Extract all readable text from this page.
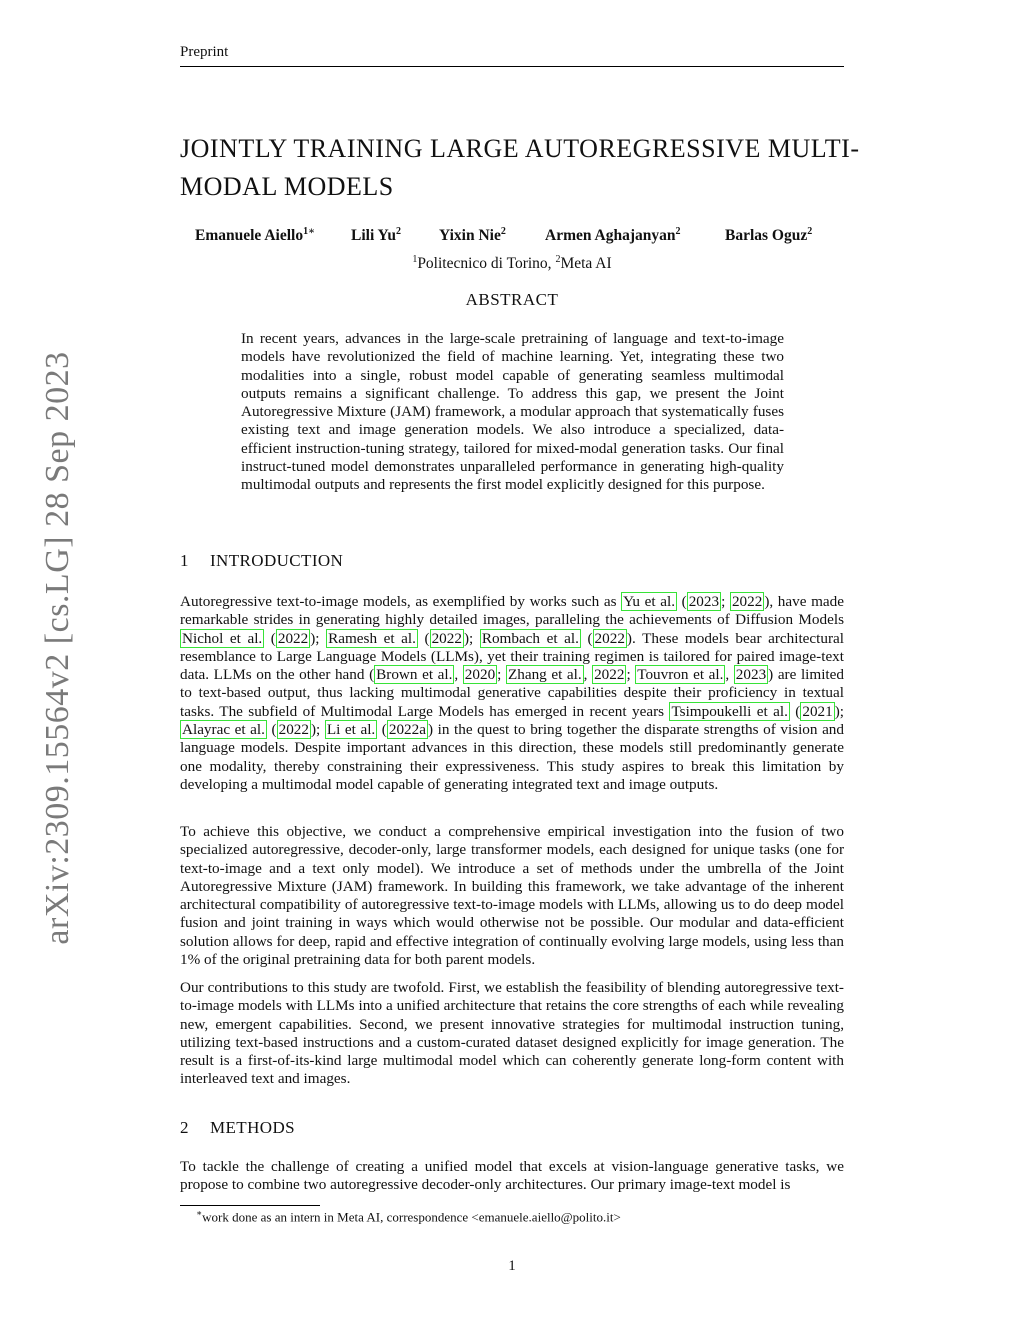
arXiv:2309.15564v2 [cs.LG] 28 Sep 2023
Preprint
JOINTLY TRAINING LARGE AUTOREGRESSIVE MULTI-
MODAL MODELS
Emanuele Aiello$^{1∗}$ Lili Yu$^2$ Yixin Nie$^2$	Armen Aghajanyan$^2$	Barlas Oguz$^2$
$^1$Politecnico di Torino, $^2$Meta AI
ABSTRACT

In recent years, advances in the large-scale pretraining of language and text-to-image models have revolutionized the field of machine learning. Yet, integrating these two modalities into a single, robust model capable of generating seamless multimodal outputs remains a significant challenge. To address this gap, we present the Joint Autoregressive Mixture (JAM) framework, a modular approach that systematically fuses existing text and image generation models. We also introduce a specialized, data-efficient instruction-tuning strategy, tailored for mixed-modal generation tasks. Our final instruct-tuned model demonstrates unparalleled performance in generating high-quality multimodal outputs and represents the first model explicitly designed for this purpose.

1 INTRODUCTION

Autoregressive text-to-image models, as exemplified by works such as Yu et al. ( 2023 ; 2022 ), have made remarkable strides in generating highly detailed images, paralleling the achievements of Diffusion Models Nichol et al. ( 2022 ); Ramesh et al. ( 2022 ); Rombach et al. ( 2022 ). These models bear architectural resemblance to Large Language Models (LLMs), yet their training regimen is tailored for paired image-text data. LLMs on the other hand ( Brown et al. , 2020 ; Zhang et al. , 2022 ; Touvron et al. , 2023 ) are limited to text-based output, thus lacking multimodal generative capabilities despite their proficiency in textual tasks. The subfield of Multimodal Large Models has emerged in recent years Tsimpoukelli et al. ( 2021 ); Alayrac et al. ( 2022 ); Li et al. ( 2022a ) in the quest to bring together the disparate strengths of vision and language models. Despite important advances in this direction, these models still predominantly generate one modality, thereby constraining their expressiveness. This study aspires to break this limitation by developing a multimodal model capable of generating integrated text and image outputs.

To achieve this objective, we conduct a comprehensive empirical investigation into the fusion of two specialized autoregressive, decoder-only, large transformer models, each designed for unique tasks (one for text-to-image and a text only model). We introduce a set of methods under the umbrella of the Joint Autoregressive Mixture (JAM) framework. In building this framework, we take advantage of the inherent architectural compatibility of autoregressive text-to-image models with LLMs, allowing us to do deep model fusion and joint training in ways which would otherwise not be possible. Our modular and data-efficient solution allows for deep, rapid and effective integration of continually evolving large models, using less than 1% of the original pretraining data for both parent models.

Our contributions to this study are twofold. First, we establish the feasibility of blending autoregressive text-to-image models with LLMs into a unified architecture that retains the core strengths of each while revealing new, emergent capabilities. Second, we present innovative strategies for multimodal instruction tuning, utilizing text-based instructions and a custom-curated dataset designed explicitly for image generation. The result is a first-of-its-kind large multimodal model which can coherently generate long-form content with interleaved text and images.

2 METHODS

To tackle the challenge of creating a unified model that excels at vision-language generative tasks, we propose to combine two autoregressive decoder-only architectures. Our primary image-text model is

∗work done as an intern in Meta AI, correspondence <emanuele.aiello@polito.it>
1
